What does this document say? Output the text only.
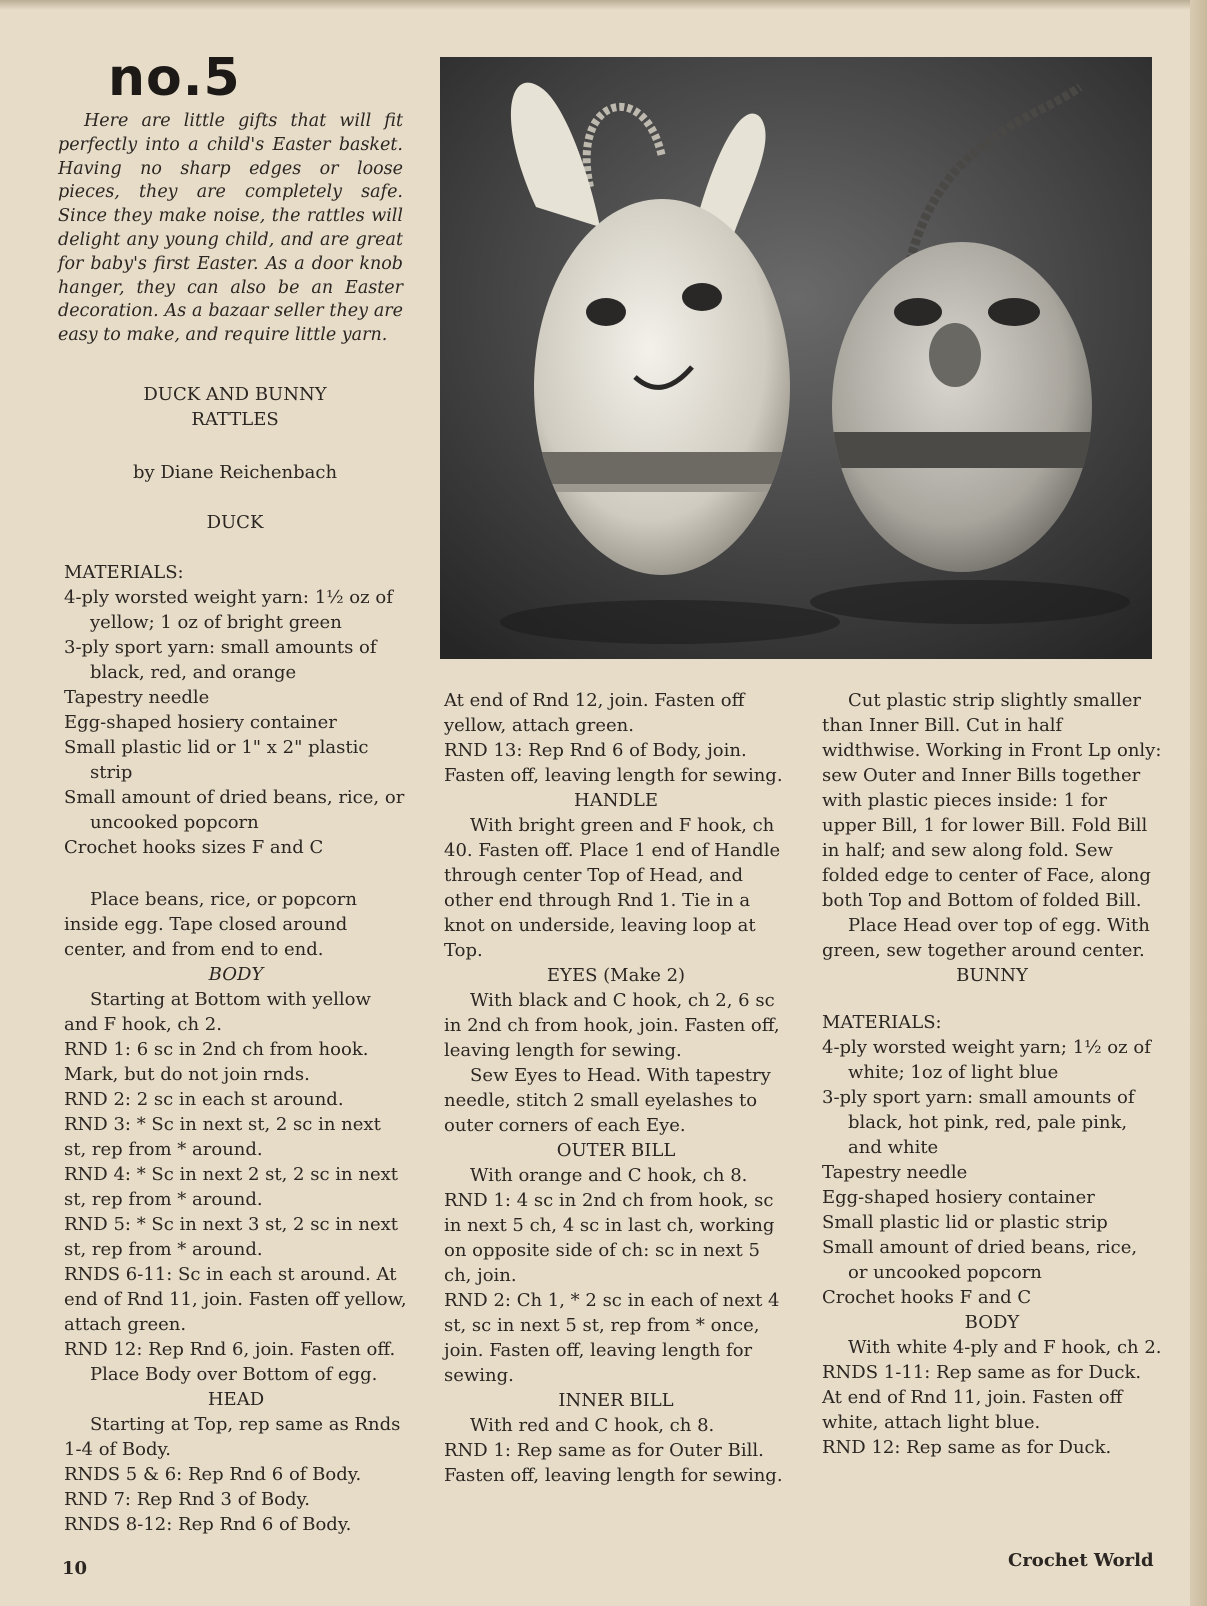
no.5

Here are little gifts that will fit perfectly into a child's Easter basket. Having no sharp edges or loose pieces, they are completely safe. Since they make noise, the rattles will delight any young child, and are great for baby's first Easter. As a door knob hanger, they can also be an Easter decoration. As a bazaar seller they are easy to make, and require little yarn.

DUCK AND BUNNY
RATTLES
by Diane Reichenbach
DUCK

MATERIALS:

4-ply worsted weight yarn: 1½ oz of yellow; 1 oz of bright green
3-ply sport yarn: small amounts of black, red, and orange
Tapestry needle
Egg-shaped hosiery container
Small plastic lid or 1" x 2" plastic strip
Small amount of dried beans, rice, or uncooked popcorn
Crochet hooks sizes F and C

Place beans, rice, or popcorn inside egg. Tape closed around center, and from end to end.

BODY

Starting at Bottom with yellow and F hook, ch 2.

RND 1: 6 sc in 2nd ch from hook. Mark, but do not join rnds.

RND 2: 2 sc in each st around.

RND 3: * Sc in next st, 2 sc in next st, rep from * around.

RND 4: * Sc in next 2 st, 2 sc in next st, rep from * around.

RND 5: * Sc in next 3 st, 2 sc in next st, rep from * around.

RNDS 6-11: Sc in each st around. At end of Rnd 11, join. Fasten off yellow, attach green.

RND 12: Rep Rnd 6, join. Fasten off.

Place Body over Bottom of egg.

HEAD

Starting at Top, rep same as Rnds 1-4 of Body.

RNDS 5 & 6: Rep Rnd 6 of Body.

RND 7: Rep Rnd 3 of Body.

RNDS 8-12: Rep Rnd 6 of Body.

At end of Rnd 12, join. Fasten off yellow, attach green.

RND 13: Rep Rnd 6 of Body, join. Fasten off, leaving length for sewing.

HANDLE

With bright green and F hook, ch 40. Fasten off. Place 1 end of Handle through center Top of Head, and other end through Rnd 1. Tie in a knot on underside, leaving loop at Top.

EYES (Make 2)

With black and C hook, ch 2, 6 sc in 2nd ch from hook, join. Fasten off, leaving length for sewing.

Sew Eyes to Head. With tapestry needle, stitch 2 small eyelashes to outer corners of each Eye.

OUTER BILL

With orange and C hook, ch 8.

RND 1: 4 sc in 2nd ch from hook, sc in next 5 ch, 4 sc in last ch, working on opposite side of ch: sc in next 5 ch, join.

RND 2: Ch 1, * 2 sc in each of next 4 st, sc in next 5 st, rep from * once, join. Fasten off, leaving length for sewing.

INNER BILL

With red and C hook, ch 8.

RND 1: Rep same as for Outer Bill. Fasten off, leaving length for sewing.

Cut plastic strip slightly smaller than Inner Bill. Cut in half widthwise. Working in Front Lp only: sew Outer and Inner Bills together with plastic pieces inside: 1 for upper Bill, 1 for lower Bill. Fold Bill in half; and sew along fold. Sew folded edge to center of Face, along both Top and Bottom of folded Bill.

Place Head over top of egg. With green, sew together around center.

BUNNY

MATERIALS:

4-ply worsted weight yarn; 1½ oz of white; 1oz of light blue
3-ply sport yarn: small amounts of black, hot pink, red, pale pink, and white
Tapestry needle
Egg-shaped hosiery container
Small plastic lid or plastic strip
Small amount of dried beans, rice, or uncooked popcorn
Crochet hooks F and C

BODY

With white 4-ply and F hook, ch 2.

RNDS 1-11: Rep same as for Duck. At end of Rnd 11, join. Fasten off white, attach light blue.

RND 12: Rep same as for Duck.

10	Crochet World
